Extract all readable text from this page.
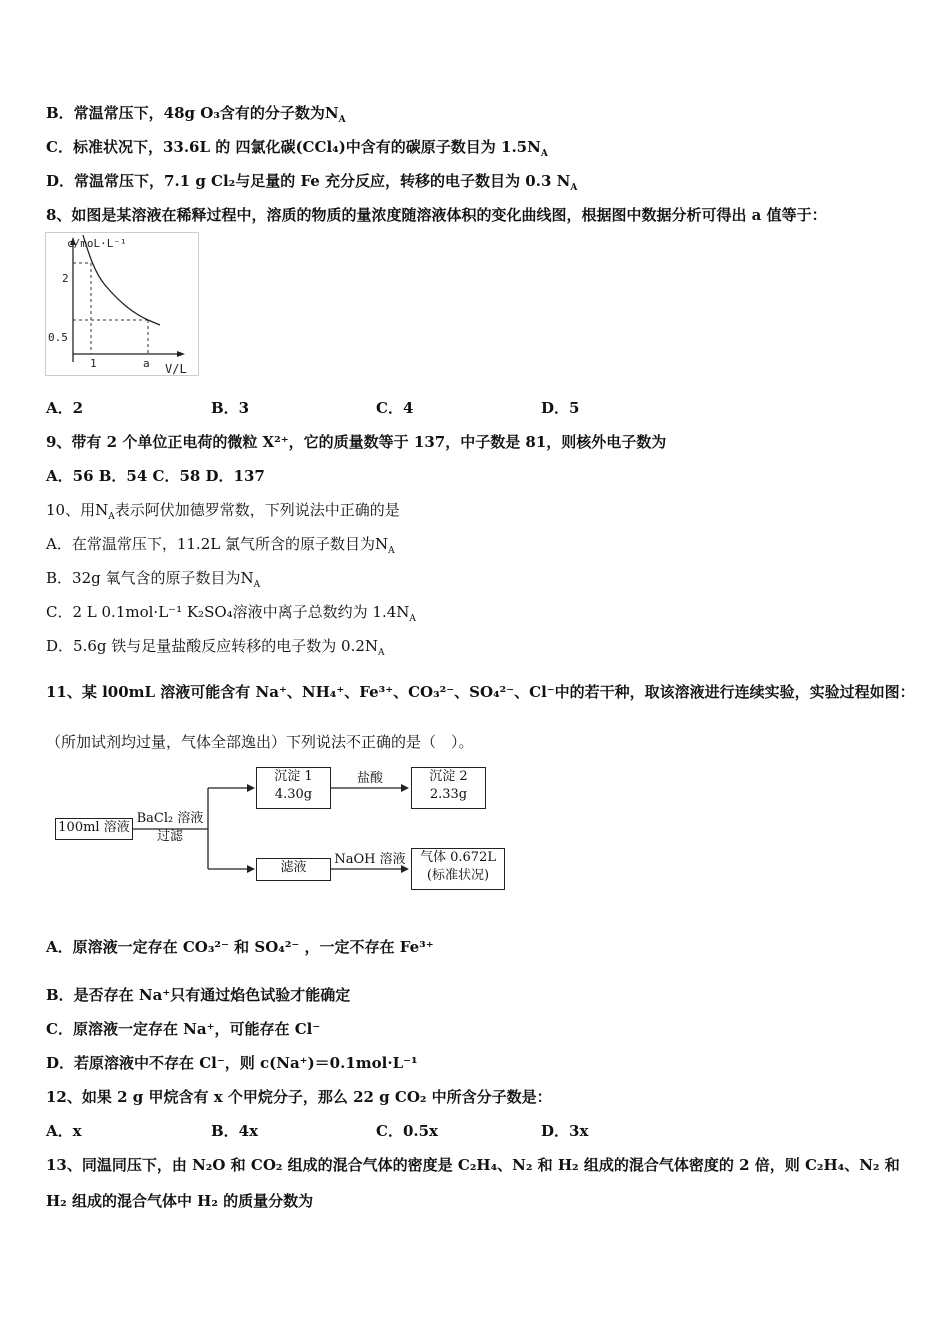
B．常温常压下，48g O₃含有的分子数为$N_A$
C．标准状况下，33.6L 的 四氯化碳(CCl₄)中含有的碳原子数目为 $1.5N_A$
D．常温常压下，7.1 g Cl₂与足量的 Fe 充分反应，转移的电子数目为 0.3 $N_A$
8、如图是某溶液在稀释过程中，溶质的物质的量浓度随溶液体积的变化曲线图，根据图中数据分析可得出 a 值等于：
c/moL·L⁻¹
V/L
2
0.5
1	a
A．2	B．3	C．4	D．5
9、带有 2 个单位正电荷的微粒 X²⁺，它的质量数等于 137，中子数是 81，则核外电子数为
A．56 B．54 C．58 D．137
10、用$N_A$表示阿伏加德罗常数，下列说法中正确的是
A．在常温常压下，11.2L 氯气所含的原子数目为$N_A$
B．32g 氧气含的原子数目为$N_A$
C．2 L 0.1mol·L⁻¹ K₂SO₄溶液中离子总数约为 $1.4N_A$
D．5.6g 铁与足量盐酸反应转移的电子数为 $0.2N_A$
11、某 l00mL 溶液可能含有 Na⁺、NH₄⁺、Fe³⁺、CO₃²⁻、SO₄²⁻、Cl⁻中的若干种，取该溶液进行连续实验，实验过程如图：
（所加试剂均过量，气体全部逸出）下列说法不正确的是（　）。
100ml 溶液
BaCl₂ 溶液
过滤
沉淀 1
4.30g
盐酸	沉淀 2
2.33g
滤液
NaOH 溶液	气体 0.672L
(标准状况)
A．原溶液一定存在 CO₃²⁻ 和 SO₄²⁻ ，一定不存在 Fe³⁺
B．是否存在 Na⁺只有通过焰色试验才能确定
C．原溶液一定存在 Na⁺，可能存在 Cl⁻
D．若原溶液中不存在 Cl⁻，则 c(Na⁺)＝0.1mol·L⁻¹
12、如果 2 g 甲烷含有 x 个甲烷分子，那么 22 g CO₂ 中所含分子数是：
A．x	B．4x	C．0.5x	D．3x
13、同温同压下，由 N₂O 和 CO₂ 组成的混合气体的密度是 C₂H₄、N₂ 和 H₂ 组成的混合气体密度的 2 倍，则 C₂H₄、N₂ 和
H₂ 组成的混合气体中 H₂ 的质量分数为
